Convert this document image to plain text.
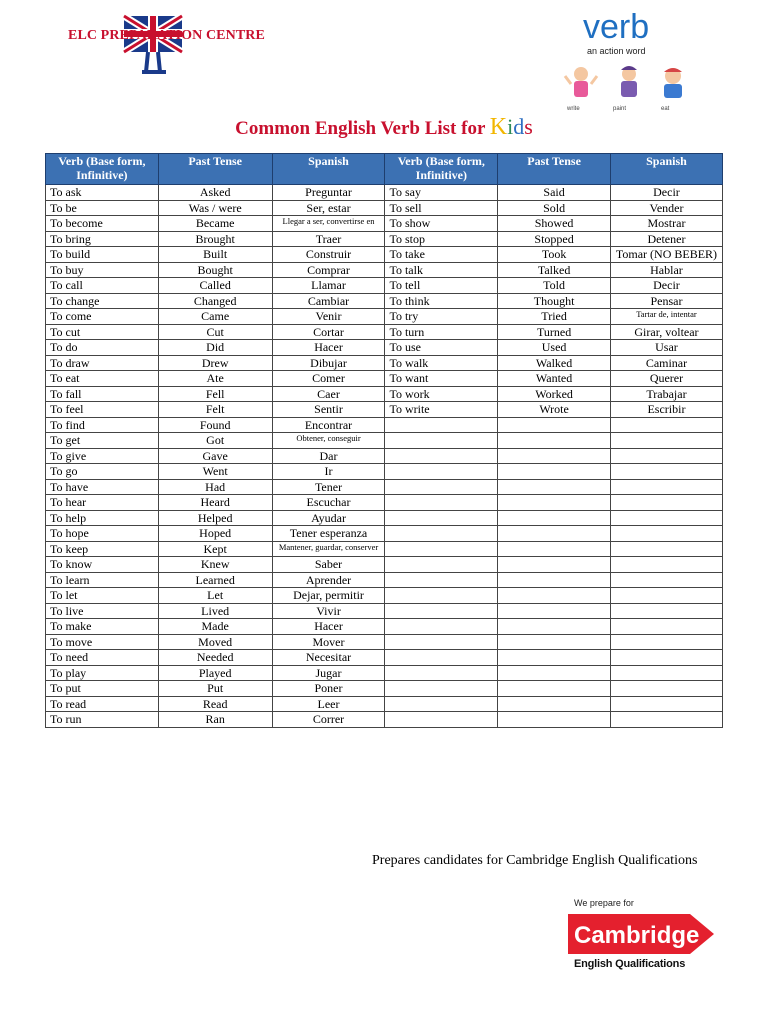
ELC PREPARATION CENTRE	verb
an action word
write	paint	eat
Common English Verb List for Kids
Verb (Base form, Infinitive)	Past Tense	Spanish	Verb (Base form, Infinitive)	Past Tense	Spanish
To ask	Asked	Preguntar	To say	Said	Decir
To be	Was / were	Ser, estar	To sell	Sold	Vender
To become	Became	Llegar a ser, convertirse en	To show	Showed	Mostrar
To bring	Brought	Traer	To stop	Stopped	Detener
To build	Built	Construir	To take	Took	Tomar (NO BEBER)
To buy	Bought	Comprar	To talk	Talked	Hablar
To call	Called	Llamar	To tell	Told	Decir
To change	Changed	Cambiar	To think	Thought	Pensar
To come	Came	Venir	To try	Tried	Tartar de, intentar
To cut	Cut	Cortar	To turn	Turned	Girar, voltear
To do	Did	Hacer	To use	Used	Usar
To draw	Drew	Dibujar	To walk	Walked	Caminar
To eat	Ate	Comer	To want	Wanted	Querer
To fall	Fell	Caer	To work	Worked	Trabajar
To feel	Felt	Sentir	To write	Wrote	Escribir
To find	Found	Encontrar			
To get	Got	Obtener, conseguir			
To give	Gave	Dar			
To go	Went	Ir			
To have	Had	Tener			
To hear	Heard	Escuchar			
To help	Helped	Ayudar			
To hope	Hoped	Tener esperanza			
To keep	Kept	Mantener, guardar, conserver			
To know	Knew	Saber			
To learn	Learned	Aprender			
To let	Let	Dejar, permitir			
To live	Lived	Vivir			
To make	Made	Hacer			
To move	Moved	Mover			
To need	Needed	Necesitar			
To play	Played	Jugar			
To put	Put	Poner			
To read	Read	Leer			
To run	Ran	Correr			
Prepares candidates for Cambridge English Qualifications
We prepare for
Cambridge
English Qualifications
